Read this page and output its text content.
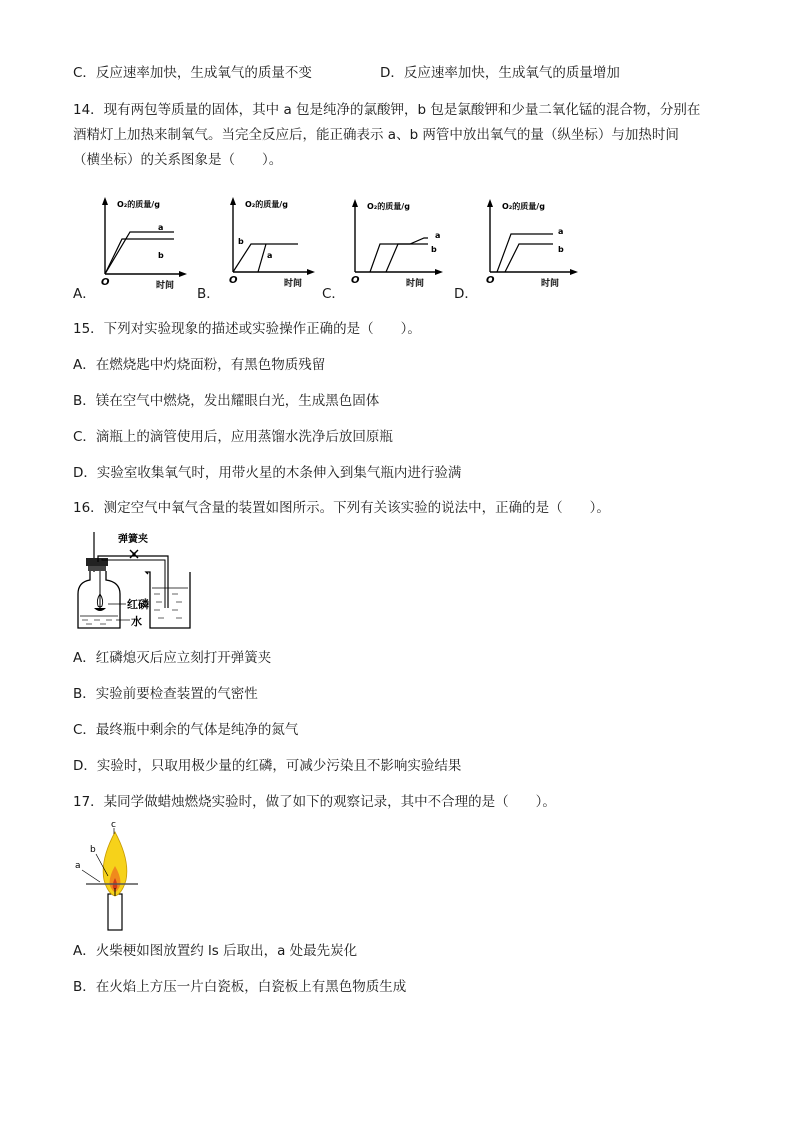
C．反应速率加快，生成氧气的质量不变	D．反应速率加快，生成氧气的质量增加
14．现有两包等质量的固体，其中 a 包是纯净的氯酸钾，b 包是氯酸钾和少量二氧化锰的混合物，分别在
酒精灯上加热来制氧气。当完全反应后，能正确表示 a、b 两管中放出氧气的量（纵坐标）与加热时间
（横坐标）的关系图象是（　　）。
A．
O₂的质量/g
a
b
O	时间 B．
O₂的质量/g
b
a
O	时间
C．
O₂的质量/g
a
b
O	时间
D．
O₂的质量/g
a
b
O	时间
15．下列对实验现象的描述或实验操作正确的是（　　）。
A．在燃烧匙中灼烧面粉，有黑色物质残留
B．镁在空气中燃烧，发出耀眼白光，生成黑色固体
C．滴瓶上的滴管使用后，应用蒸馏水洗净后放回原瓶
D．实验室收集氧气时，用带火星的木条伸入到集气瓶内进行验满
16．测定空气中氧气含量的装置如图所示。下列有关该实验的说法中，正确的是（　　）。
弹簧夹
红磷
水
A．红磷熄灭后应立刻打开弹簧夹
B．实验前要检查装置的气密性
C．最终瓶中剩余的气体是纯净的氮气
D．实验时，只取用极少量的红磷，可减少污染且不影响实验结果
17．某同学做蜡烛燃烧实验时，做了如下的观察记录，其中不合理的是（　　）。
c
b
a
A．火柴梗如图放置约 ls 后取出，a 处最先炭化
B．在火焰上方压一片白瓷板，白瓷板上有黑色物质生成
